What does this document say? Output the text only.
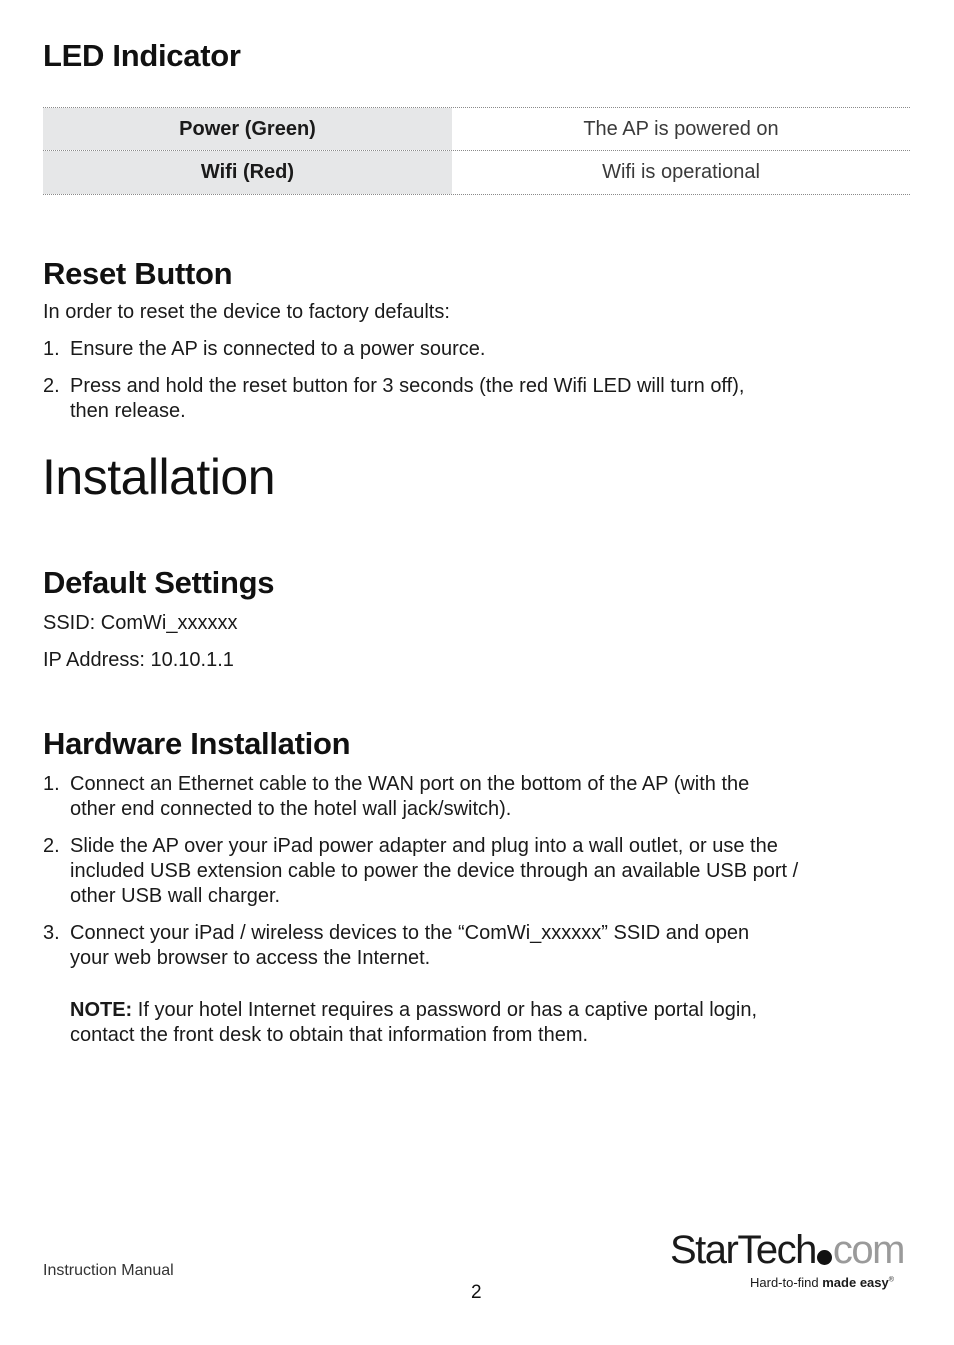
LED Indicator
Power (Green)	The AP is powered on
Wifi (Red)	Wifi is operational
Reset Button

In order to reset the device to factory defaults:

1. Ensure the AP is connected to a power source.
2. Press and hold the reset button for 3 seconds (the red Wifi LED will turn off),
then release.
Installation
Default Settings

SSID: ComWi_xxxxxx

IP Address: 10.10.1.1

Hardware Installation
1. Connect an Ethernet cable to the WAN port on the bottom of the AP (with the
other end connected to the hotel wall jack/switch).
2. Slide the AP over your iPad power adapter and plug into a wall outlet, or use the
included USB extension cable to power the device through an available USB port /
other USB wall charger.
3. Connect your iPad / wireless devices to the “ComWi_xxxxxx” SSID and open
your web browser to access the Internet.
NOTE: If your hotel Internet requires a password or has a captive portal login,
contact the front desk to obtain that information from them.
Instruction Manual
2
StarTech com
Hard-to-find made easy®
